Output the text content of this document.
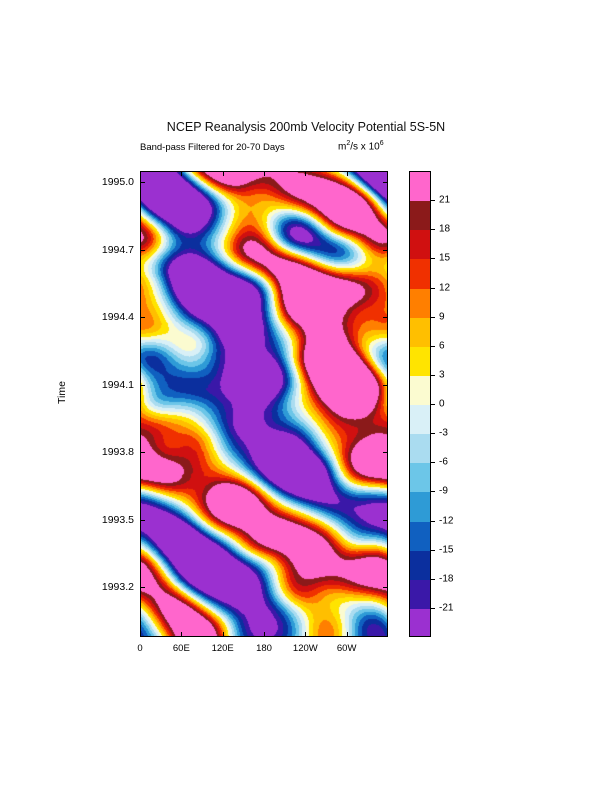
NCEP Reanalysis 200mb Velocity Potential 5S-5N
Band-pass Filtered for 20-70 Days	$m^2/s$ x $10^6$
Time
0	60E 120E 180 120W 60W
1993.2
1993.5
1993.8
1994.1
1994.4
1994.7
1995.0
21
18
15
12
9
6
3
0
-3
-6
-9
-12
-15
-18
-21
